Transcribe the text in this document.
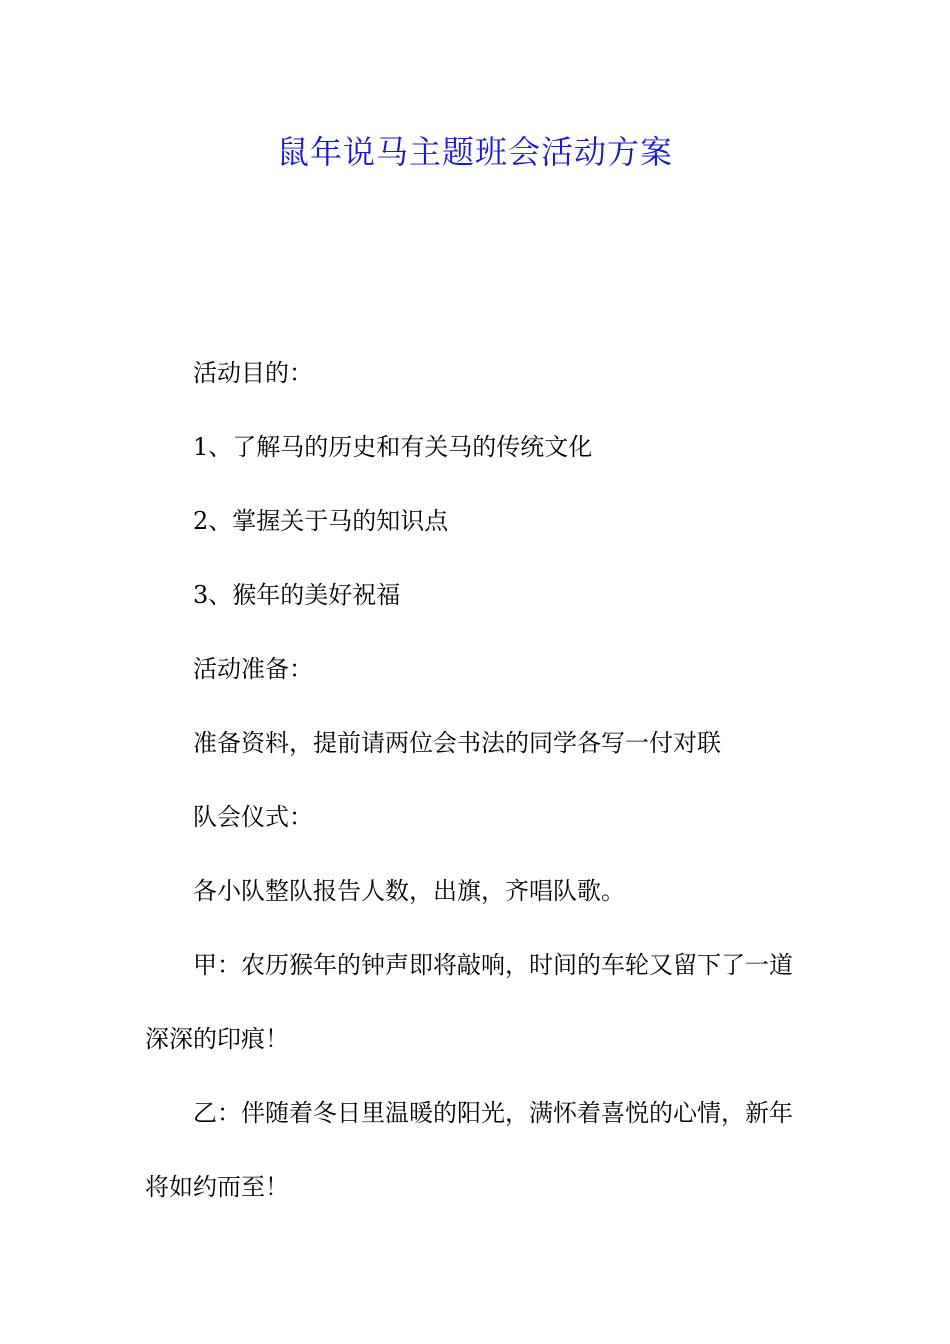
鼠年说马主题班会活动方案

活动目的：

1、了解马的历史和有关马的传统文化

2、掌握关于马的知识点

3、猴年的美好祝福

活动准备：

准备资料，提前请两位会书法的同学各写一付对联

队会仪式：

各小队整队报告人数，出旗，齐唱队歌。

甲：农历猴年的钟声即将敲响，时间的车轮又留下了一道深深的印痕！

乙：伴随着冬日里温暖的阳光，满怀着喜悦的心情，新年将如约而至！
